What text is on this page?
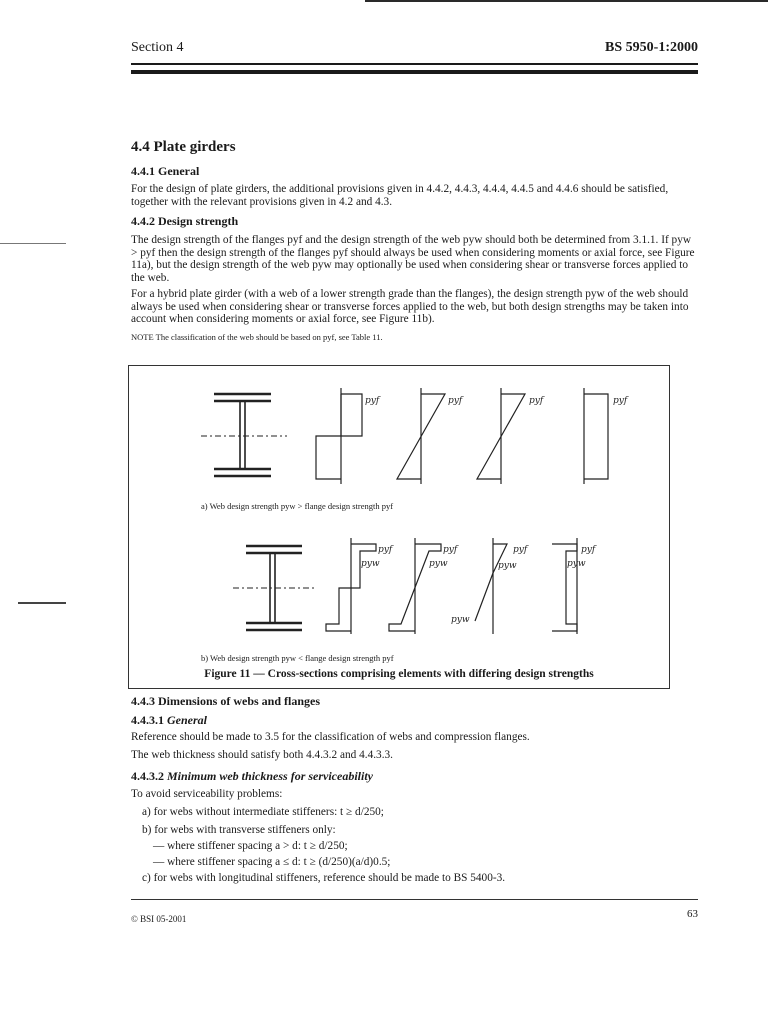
Section 4	BS 5950-1:2000

4.4 Plate girders

4.4.1 General

For the design of plate girders, the additional provisions given in 4.4.2, 4.4.3, 4.4.4, 4.4.5 and 4.4.6 should be satisfied, together with the relevant provisions given in 4.2 and 4.3.

4.4.2 Design strength

The design strength of the flanges pyf and the design strength of the web pyw should both be determined from 3.1.1. If pyw > pyf then the design strength of the flanges pyf should always be used when considering moments or axial force, see Figure 11a), but the design strength of the web pyw may optionally be used when considering shear or transverse forces applied to the web.

For a hybrid plate girder (with a web of a lower strength grade than the flanges), the design strength pyw of the web should always be used when considering shear or transverse forces applied to the web, but both design strengths may be taken into account when considering moments or axial force, see Figure 11b).

NOTE The classification of the web should be based on pyf, see Table 11.

pyf	pyf	pyf	pyf
pyf
pyw
pyf
pyw
pyf
pyw
pyw
pyf
pyw
a) Web design strength pyw > flange design strength pyf
b) Web design strength pyw < flange design strength pyf
Figure 11 — Cross-sections comprising elements with differing design strengths

4.4.3 Dimensions of webs and flanges

4.4.3.1 General

Reference should be made to 3.5 for the classification of webs and compression flanges.

The web thickness should satisfy both 4.4.3.2 and 4.4.3.3.

4.4.3.2 Minimum web thickness for serviceability

To avoid serviceability problems:

a) for webs without intermediate stiffeners: t ≥ d/250;
b) for webs with transverse stiffeners only:
— where stiffener spacing a > d: t ≥ d/250;
— where stiffener spacing a ≤ d: t ≥ (d/250)(a/d)0.5;
c) for webs with longitudinal stiffeners, reference should be made to BS 5400-3.
© BSI 05-2001	63
